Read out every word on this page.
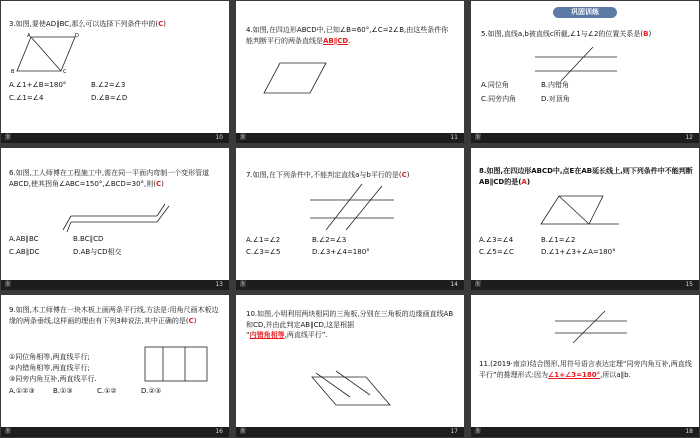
3.如图,要使AD∥BC,那么可以选择下列条件中的(C)
A	D
B	C
A.∠1+∠B=180°	B.∠2=∠3
C.∠1=∠4	D.∠B=∠D
浙	10
4.如图,在四边形ABCD中,已知∠B=60°,∠C=2∠B,由这些条件你能判断平行的两条直线是AB∥CD.
浙	11
巩固训练
5.如图,直线a,b被直线c所截,∠1与∠2的位置关系是(B)
A.同位角	B.内错角
C.同旁内角	D.对顶角
浙	12
6.如图,工人师傅在工程施工中,需在同一平面内弯制一个变形管道ABCD,使其拐角∠ABC=150°,∠BCD=30°,则(C)
A.AB∥BC	B.BC∥CD
C.AB∥DC	D.AB与CD相交
浙	13
7.如图,在下列条件中,不能判定直线a与b平行的是(C)
A.∠1=∠2	B.∠2=∠3
C.∠3=∠5	D.∠3+∠4=180°
浙	14
8.如图,在四边形ABCD中,点E在AB延长线上,则下列条件中不能判断AB∥CD的是(A)
A.∠3=∠4	B.∠1=∠2
C.∠5=∠C	D.∠1+∠3+∠A=180°
浙	15
9.如图,木工师傅在一块木板上画两条平行线,方法是:用角尺画木板边缘的两条垂线,这样画的理由有下列3种说法,其中正确的是(C)
①同位角相等,两直线平行;
②内错角相等,两直线平行;
③同旁内角互补,两直线平行.
A.①②③	B.①③	C.①②	D.②③
浙	16
10.如图,小明利用两块相同的三角板,分别在三角板的边缘画直线AB和CD,并由此判定AB∥CD,这是根据
“内错角相等,两直线平行”.
浙	17
11.(2019·南京)结合图形,用符号语言表达定理“同旁内角互补,两直线平行”的推理形式:因为∠1+∠3=180°,所以a∥b.
浙	18
